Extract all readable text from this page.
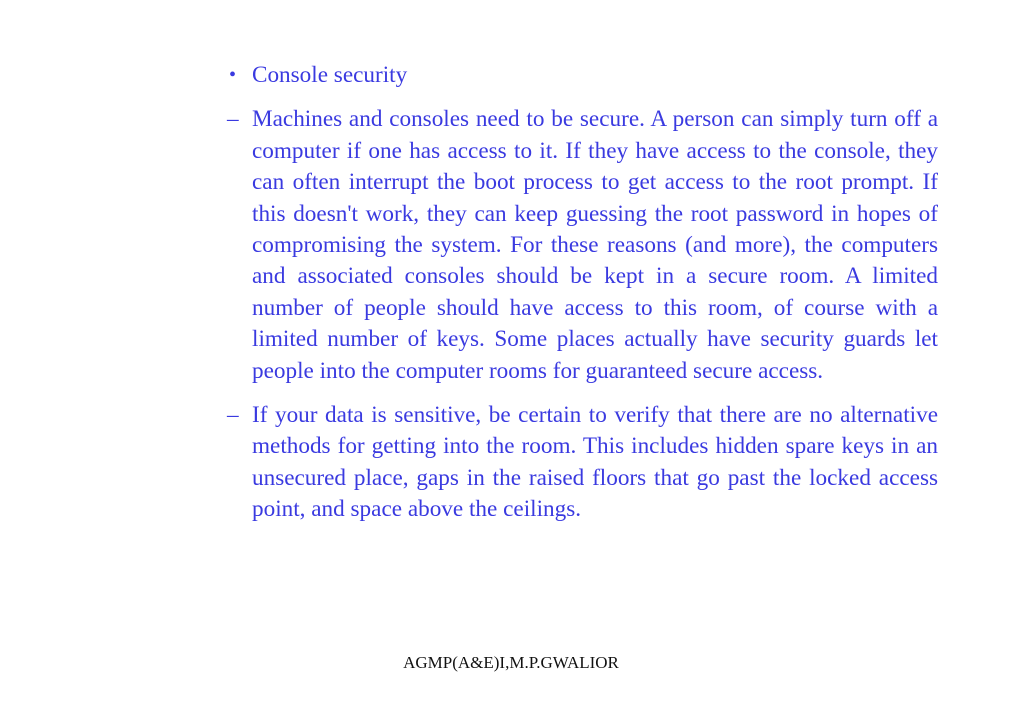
• Console security
– Machines and consoles need to be secure. A person can simply turn off a computer if one has access to it. If they have access to the console, they can often interrupt the boot process to get access to the root prompt. If this doesn't work, they can keep guessing the root password in hopes of compromising the system. For these reasons (and more), the computers and associated consoles should be kept in a secure room. A limited number of people should have access to this room, of course with a limited number of keys. Some places actually have security guards let people into the computer rooms for guaranteed secure access.
– If your data is sensitive, be certain to verify that there are no alternative methods for getting into the room. This includes hidden spare keys in an unsecured place, gaps in the raised floors that go past the locked access point, and space above the ceilings.
AGMP(A&E)I,M.P.GWALIOR
